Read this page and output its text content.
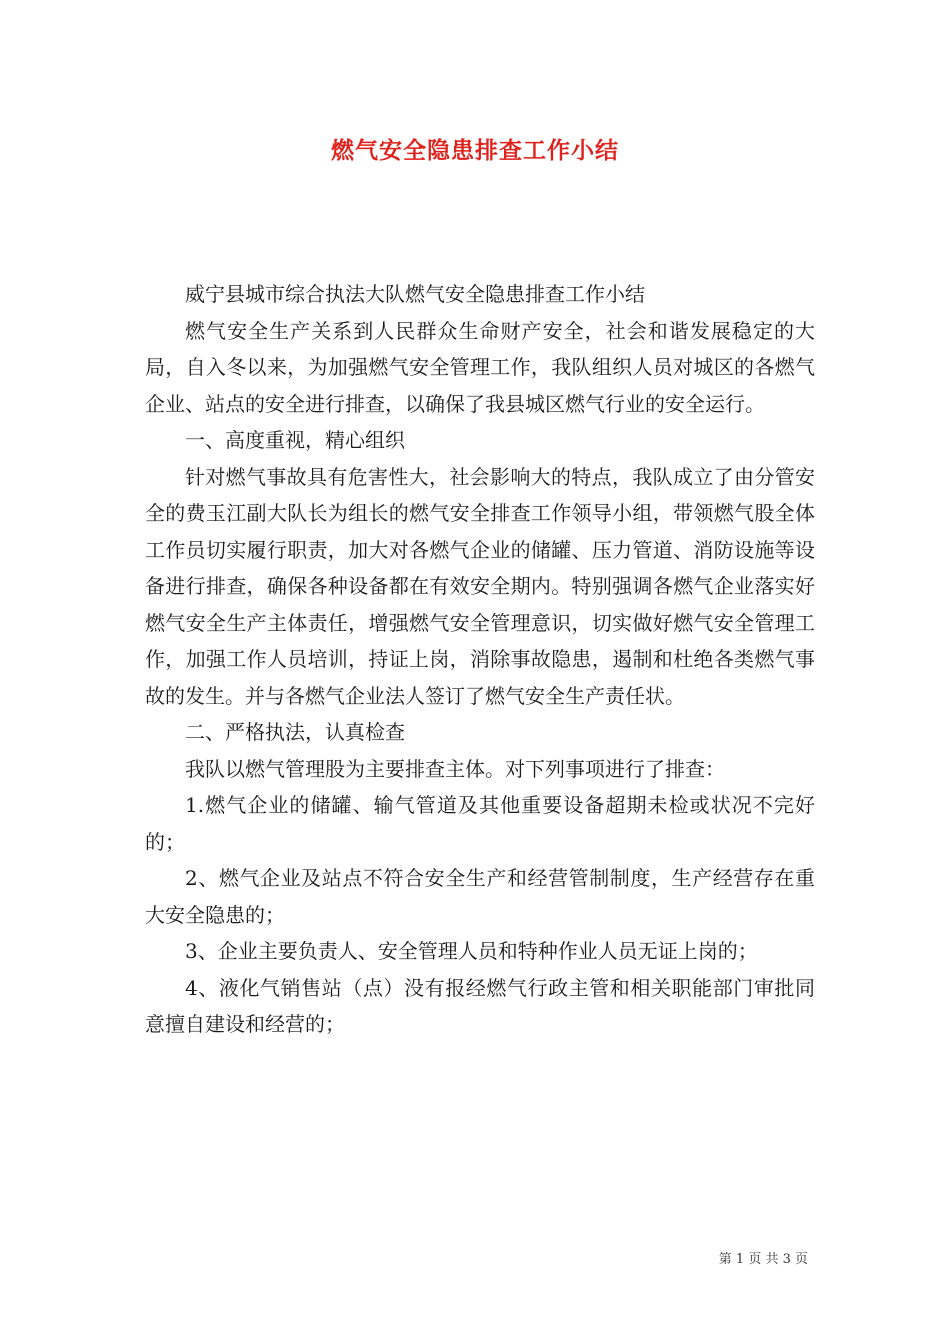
燃气安全隐患排查工作小结

威宁县城市综合执法大队燃气安全隐患排查工作小结

燃气安全生产关系到人民群众生命财产安全，社会和谐发展稳定的大局，自入冬以来，为加强燃气安全管理工作，我队组织人员对城区的各燃气企业、站点的安全进行排查，以确保了我县城区燃气行业的安全运行。

一、高度重视，精心组织

针对燃气事故具有危害性大，社会影响大的特点，我队成立了由分管安全的费玉江副大队长为组长的燃气安全排查工作领导小组，带领燃气股全体工作员切实履行职责，加大对各燃气企业的储罐、压力管道、消防设施等设备进行排查，确保各种设备都在有效安全期内。特别强调各燃气企业落实好燃气安全生产主体责任，增强燃气安全管理意识，切实做好燃气安全管理工作，加强工作人员培训，持证上岗，消除事故隐患，遏制和杜绝各类燃气事故的发生。并与各燃气企业法人签订了燃气安全生产责任状。

二、严格执法，认真检查

我队以燃气管理股为主要排查主体。对下列事项进行了排查：

1.燃气企业的储罐、输气管道及其他重要设备超期未检或状况不完好的；

2、燃气企业及站点不符合安全生产和经营管制制度，生产经营存在重大安全隐患的；

3、企业主要负责人、安全管理人员和特种作业人员无证上岗的；

4、液化气销售站（点）没有报经燃气行政主管和相关职能部门审批同意擅自建设和经营的；

第 1 页 共 3 页
